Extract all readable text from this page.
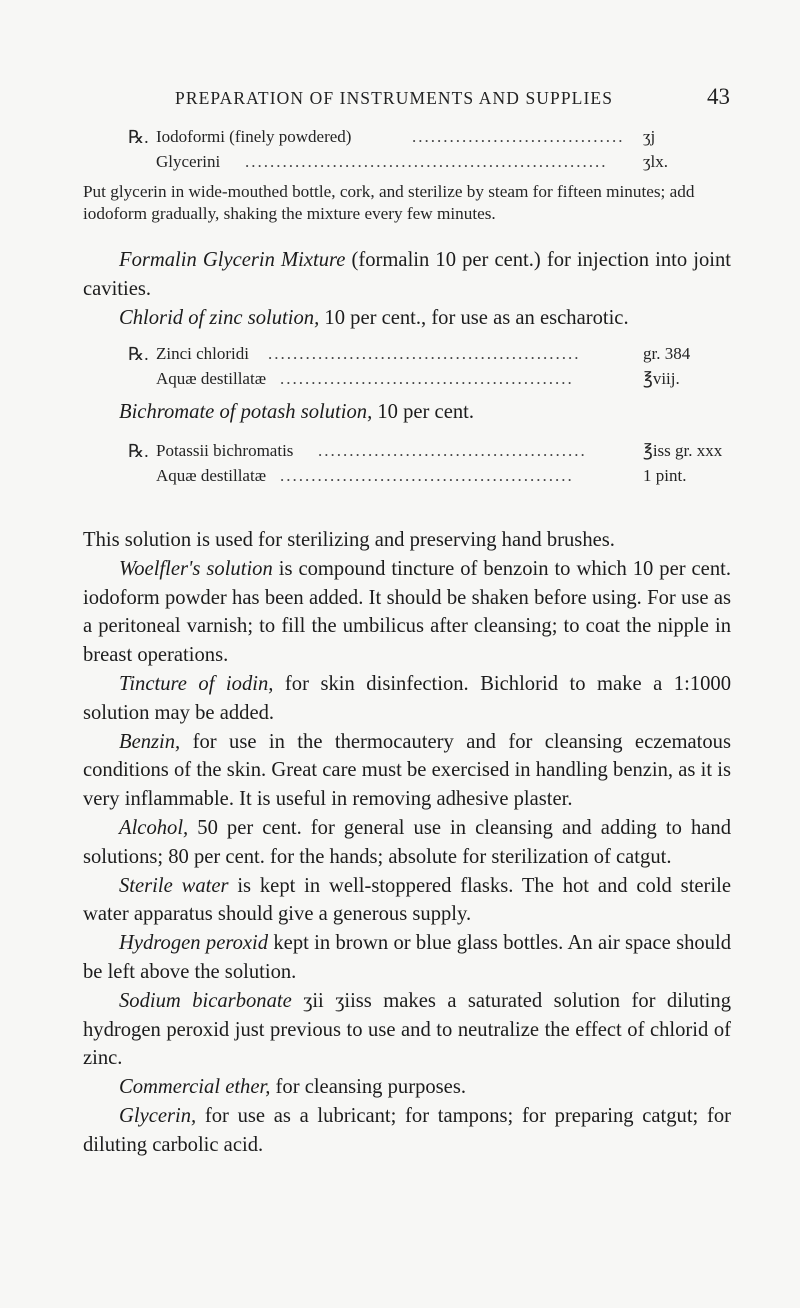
PREPARATION OF INSTRUMENTS AND SUPPLIES	43
℞. Iodoformi (finely powdered)	..................................	ʒj
Glycerini ..........................................................	ʒlx.
Put glycerin in wide-mouthed bottle, cork, and sterilize by steam for fifteen minutes; add iodoform gradually, shaking the mixture every few minutes.

Formalin Glycerin Mixture (formalin 10 per cent.) for injection into joint cavities.

Chlorid of zinc solution, 10 per cent., for use as an escharotic.

℞. Zinci chloridi ..................................................	gr. 384
Aquæ destillatæ ...............................................	℥viij.

Bichromate of potash solution, 10 per cent.

℞. Potassii bichromatis ...........................................	℥iss gr. xxx
Aquæ destillatæ ...............................................	1 pint.

This solution is used for sterilizing and preserving hand brushes.

Woelfler's solution is compound tincture of benzoin to which 10 per cent. iodoform powder has been added. It should be shaken before using. For use as a peritoneal varnish; to fill the umbilicus after cleansing; to coat the nipple in breast operations.

Tincture of iodin, for skin disinfection. Bichlorid to make a 1:1000 solution may be added.

Benzin, for use in the thermocautery and for cleansing eczematous conditions of the skin. Great care must be exercised in handling benzin, as it is very inflammable. It is useful in removing adhesive plaster.

Alcohol, 50 per cent. for general use in cleansing and adding to hand solutions; 80 per cent. for the hands; absolute for sterilization of catgut.

Sterile water is kept in well-stoppered flasks. The hot and cold sterile water apparatus should give a generous supply.

Hydrogen peroxid kept in brown or blue glass bottles. An air space should be left above the solution.

Sodium bicarbonate ʒii ʒiiss makes a saturated solution for diluting hydrogen peroxid just previous to use and to neutralize the effect of chlorid of zinc.

Commercial ether, for cleansing purposes.

Glycerin, for use as a lubricant; for tampons; for preparing catgut; for diluting carbolic acid.
